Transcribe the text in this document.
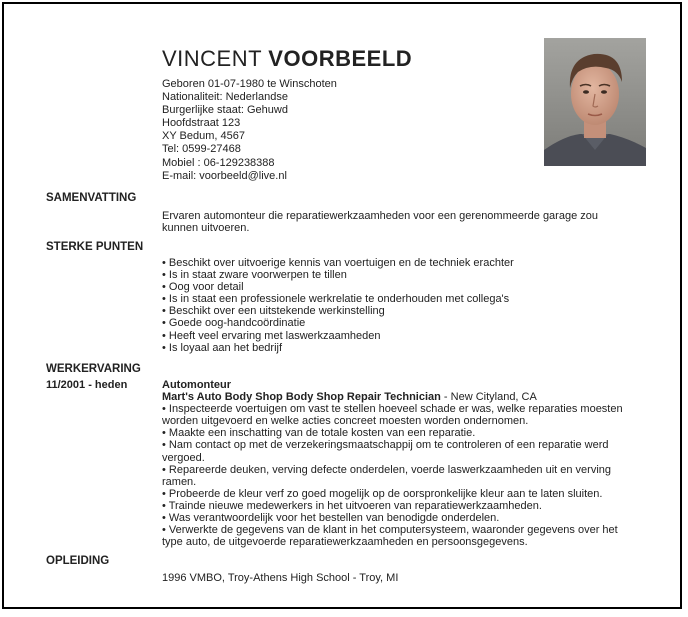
VINCENT VOORBEELD
Geboren 01-07-1980 te Winschoten
Nationaliteit: Nederlandse
Burgerlijke staat: Gehuwd
Hoofdstraat 123
XY Bedum, 4567
Tel: 0599-27468
Mobiel : 06-129238388
E-mail: voorbeeld@live.nl
SAMENVATTING

Ervaren automonteur die reparatiewerkzaamheden voor een gerenommeerde garage zou kunnen uitvoeren.

STERKE PUNTEN
• Beschikt over uitvoerige kennis van voertuigen en de techniek erachter
• Is in staat zware voorwerpen te tillen
• Oog voor detail
• Is in staat een professionele werkrelatie te onderhouden met collega's
• Beschikt over een uitstekende werkinstelling
• Goede oog-handcoördinatie
• Heeft veel ervaring met laswerkzaamheden
• Is loyaal aan het bedrijf
WERKERVARING
11/2001 - heden	Automonteur
Mart's Auto Body Shop Body Shop Repair Technician - New Cityland, CA
• Inspecteerde voertuigen om vast te stellen hoeveel schade er was, welke reparaties moesten worden uitgevoerd en welke acties concreet moesten worden ondernomen.
• Maakte een inschatting van de totale kosten van een reparatie.
• Nam contact op met de verzekeringsmaatschappij om te controleren of een reparatie werd vergoed.
• Repareerde deuken, verving defecte onderdelen, voerde laswerkzaamheden uit en verving ramen.
• Probeerde de kleur verf zo goed mogelijk op de oorspronkelijke kleur aan te laten sluiten.
• Trainde nieuwe medewerkers in het uitvoeren van reparatiewerkzaamheden.
• Was verantwoordelijk voor het bestellen van benodigde onderdelen.
• Verwerkte de gegevens van de klant in het computersysteem, waaronder gegevens over het type auto, de uitgevoerde reparatiewerkzaamheden en persoonsgegevens.
OPLEIDING

1996 VMBO, Troy-Athens High School - Troy, MI
